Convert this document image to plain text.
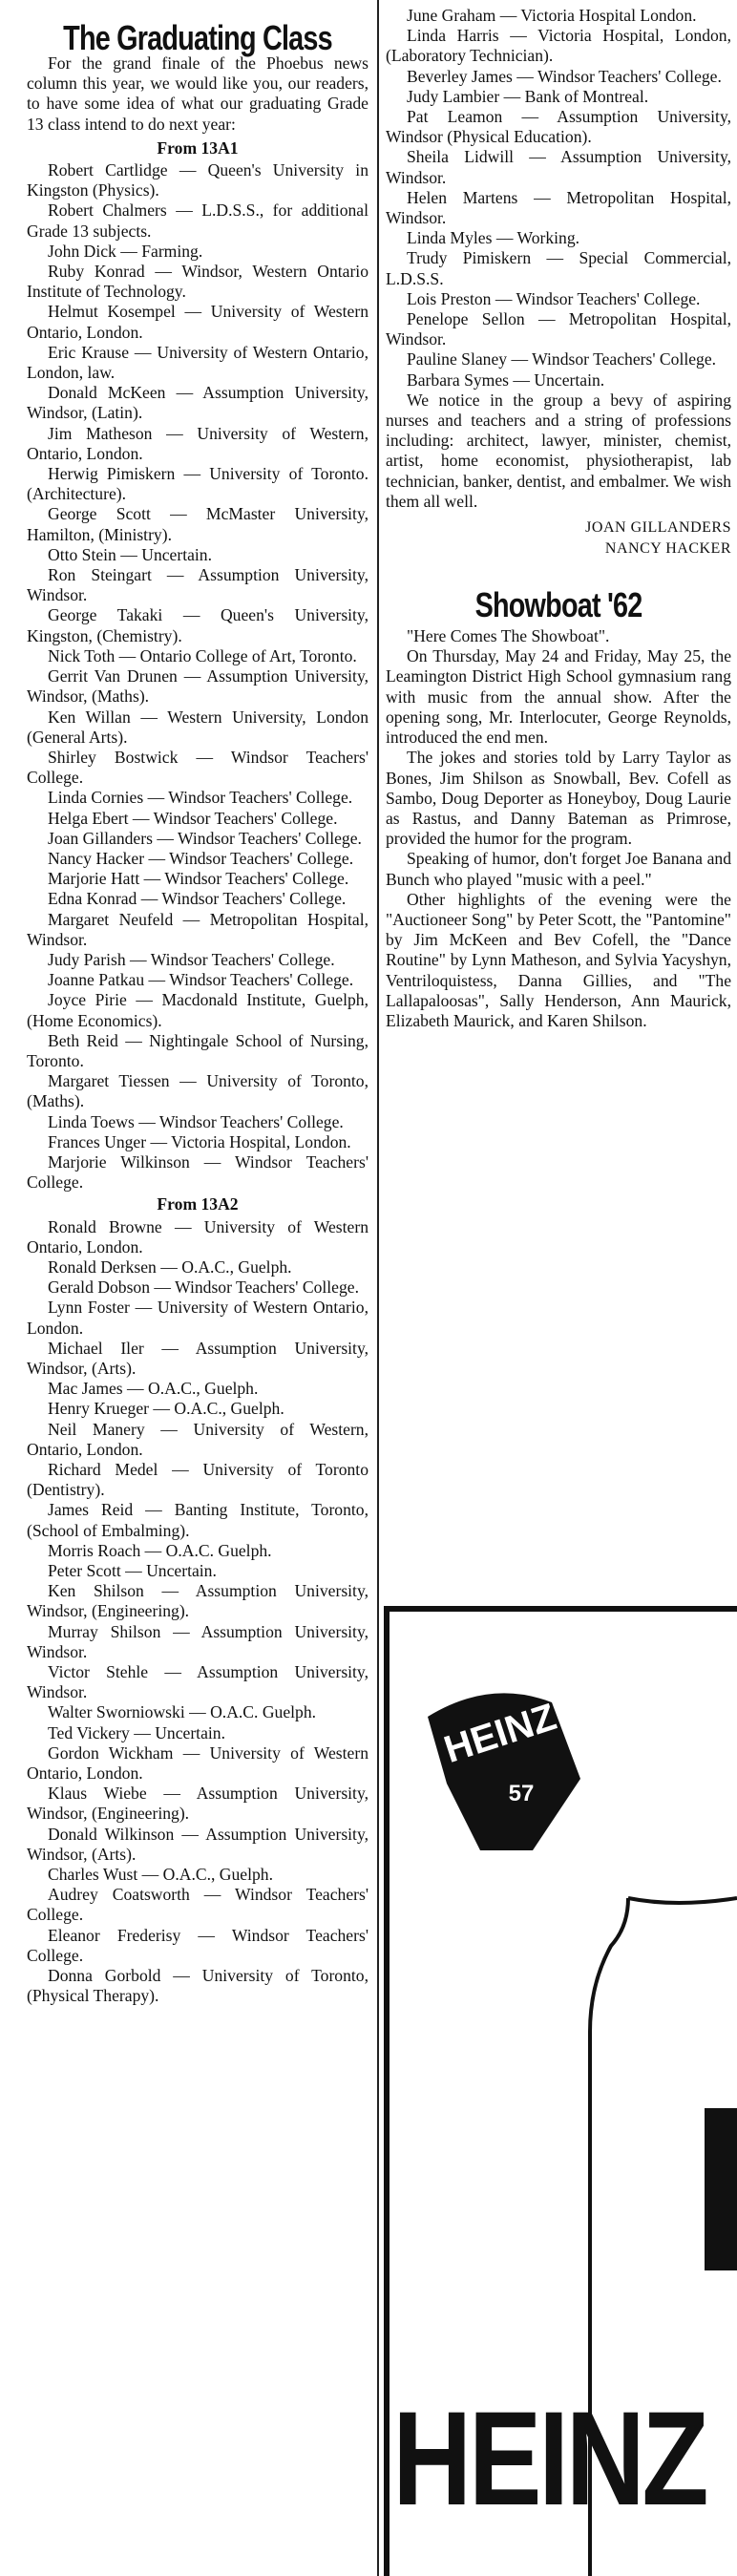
The Graduating Class

For the grand finale of the Phoebus news column this year, we would like you, our readers, to have some idea of what our graduating Grade 13 class intend to do next year:

From 13A1

Robert Cartlidge — Queen's University in Kingston (Physics).

Robert Chalmers — L.D.S.S., for additional Grade 13 subjects.

John Dick — Farming.

Ruby Konrad — Windsor, Western Ontario Institute of Technology.

Helmut Kosempel — University of Western Ontario, London.

Eric Krause — University of Western Ontario, London, law.

Donald McKeen — Assumption University, Windsor, (Latin).

Jim Matheson — University of Western, Ontario, London.

Herwig Pimiskern — University of Toronto. (Architecture).

George Scott — McMaster University, Hamilton, (Ministry).

Otto Stein — Uncertain.

Ron Steingart — Assumption University, Windsor.

George Takaki — Queen's University, Kingston, (Chemistry).

Nick Toth — Ontario College of Art, Toronto.

Gerrit Van Drunen — Assumption University, Windsor, (Maths).

Ken Willan — Western University, London (General Arts).

Shirley Bostwick — Windsor Teachers' College.

Linda Cornies — Windsor Teachers' College.

Helga Ebert — Windsor Teachers' College.

Joan Gillanders — Windsor Teachers' College.

Nancy Hacker — Windsor Teachers' College.

Marjorie Hatt — Windsor Teachers' College.

Edna Konrad — Windsor Teachers' College.

Margaret Neufeld — Metropolitan Hospital, Windsor.

Judy Parish — Windsor Teachers' College.

Joanne Patkau — Windsor Teachers' College.

Joyce Pirie — Macdonald Institute, Guelph, (Home Economics).

Beth Reid — Nightingale School of Nursing, Toronto.

Margaret Tiessen — University of Toronto, (Maths).

Linda Toews — Windsor Teachers' College.

Frances Unger — Victoria Hospital, London.

Marjorie Wilkinson — Windsor Teachers' College.

From 13A2

Ronald Browne — University of Western Ontario, London.

Ronald Derksen — O.A.C., Guelph.

Gerald Dobson — Windsor Teachers' College.

Lynn Foster — University of Western Ontario, London.

Michael Iler — Assumption University, Windsor, (Arts).

Mac James — O.A.C., Guelph.

Henry Krueger — O.A.C., Guelph.

Neil Manery — University of Western, Ontario, London.

Richard Medel — University of Toronto (Dentistry).

James Reid — Banting Institute, Toronto, (School of Embalming).

Morris Roach — O.A.C. Guelph.

Peter Scott — Uncertain.

Ken Shilson — Assumption University, Windsor, (Engineering).

Murray Shilson — Assumption University, Windsor.

Victor Stehle — Assumption University, Windsor.

Walter Sworniowski — O.A.C. Guelph.

Ted Vickery — Uncertain.

Gordon Wickham — University of Western Ontario, London.

Klaus Wiebe — Assumption University, Windsor, (Engineering).

Donald Wilkinson — Assumption University, Windsor, (Arts).

Charles Wust — O.A.C., Guelph.

Audrey Coatsworth — Windsor Teachers' College.

Eleanor Frederisy — Windsor Teachers' College.

Donna Gorbold — University of Toronto, (Physical Therapy).

June Graham — Victoria Hospital London.

Linda Harris — Victoria Hospital, London, (Laboratory Technician).

Beverley James — Windsor Teachers' College.

Judy Lambier — Bank of Montreal.

Pat Leamon — Assumption University, Windsor (Physical Education).

Sheila Lidwill — Assumption University, Windsor.

Helen Martens — Metropolitan Hospital, Windsor.

Linda Myles — Working.

Trudy Pimiskern — Special Commercial, L.D.S.S.

Lois Preston — Windsor Teachers' College.

Penelope Sellon — Metropolitan Hospital, Windsor.

Pauline Slaney — Windsor Teachers' College.

Barbara Symes — Uncertain.

We notice in the group a bevy of aspiring nurses and teachers and a string of professions including: architect, lawyer, minister, chemist, artist, home economist, physiotherapist, lab technician, banker, dentist, and embalmer. We wish them all well.

JOAN GILLANDERS
NANCY HACKER
Showboat '62

"Here Comes The Showboat".

On Thursday, May 24 and Friday, May 25, the Leamington District High School gymnasium rang with music from the annual show. After the opening song, Mr. Interlocuter, George Reynolds, introduced the end men.

The jokes and stories told by Larry Taylor as Bones, Jim Shilson as Snowball, Bev. Cofell as Sambo, Doug Deporter as Honeyboy, Doug Laurie as Rastus, and Danny Bateman as Primrose, provided the humor for the program.

Speaking of humor, don't forget Joe Banana and Bunch who played "music with a peel."

Other highlights of the evening were the "Auctioneer Song" by Peter Scott, the "Pantomine" by Jim McKeen and Bev Cofell, the "Dance Routine" by Lynn Matheson, and Sylvia Yacyshyn, Ventriloquistess, Danna Gillies, and "The Lallapaloosas", Sally Henderson, Ann Maurick, Elizabeth Maurick, and Karen Shilson.

HEINZ
57
HEINZ
